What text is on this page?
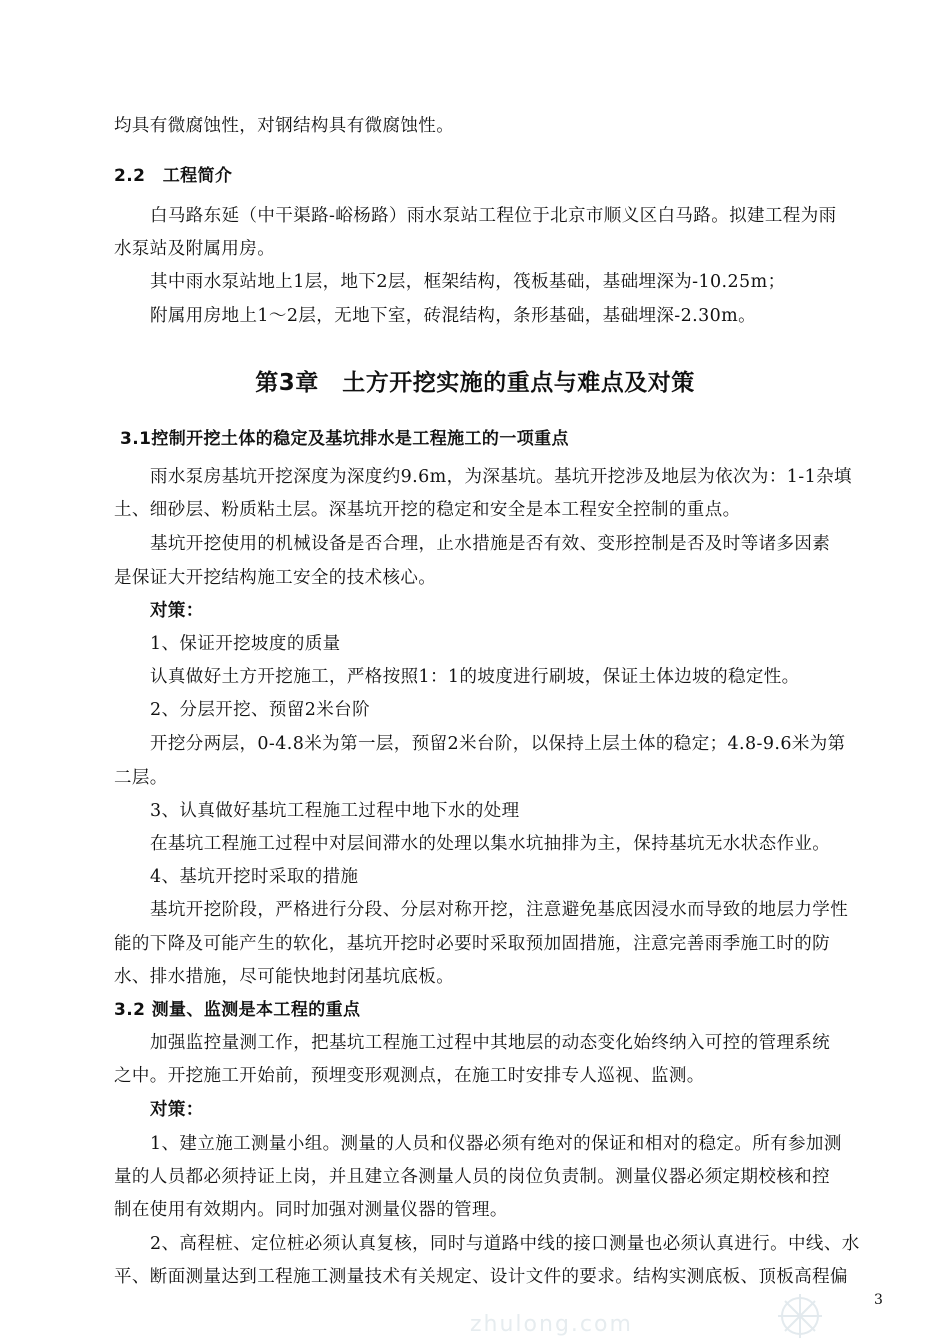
均具有微腐蚀性，对钢结构具有微腐蚀性。
2.2　工程简介
白马路东延（中干渠路-峪杨路）雨水泵站工程位于北京市顺义区白马路。拟建工程为雨
水泵站及附属用房。
其中雨水泵站地上1层，地下2层，框架结构，筏板基础，基础埋深为-10.25m；
附属用房地上1～2层，无地下室，砖混结构，条形基础，基础埋深-2.30m。
第3章　土方开挖实施的重点与难点及对策
3.1控制开挖土体的稳定及基坑排水是工程施工的一项重点
雨水泵房基坑开挖深度为深度约9.6m，为深基坑。基坑开挖涉及地层为依次为：1-1杂填
土、细砂层、粉质粘土层。深基坑开挖的稳定和安全是本工程安全控制的重点。
基坑开挖使用的机械设备是否合理，止水措施是否有效、变形控制是否及时等诸多因素
是保证大开挖结构施工安全的技术核心。
对策：
1、保证开挖坡度的质量
认真做好土方开挖施工，严格按照1：1的坡度进行刷坡，保证土体边坡的稳定性。
2、分层开挖、预留2米台阶
开挖分两层，0-4.8米为第一层，预留2米台阶，以保持上层土体的稳定；4.8-9.6米为第
二层。
3、认真做好基坑工程施工过程中地下水的处理
在基坑工程施工过程中对层间滞水的处理以集水坑抽排为主，保持基坑无水状态作业。
4、基坑开挖时采取的措施
基坑开挖阶段，严格进行分段、分层对称开挖，注意避免基底因浸水而导致的地层力学性
能的下降及可能产生的软化，基坑开挖时必要时采取预加固措施，注意完善雨季施工时的防
水、排水措施，尽可能快地封闭基坑底板。
3.2 测量、监测是本工程的重点
加强监控量测工作，把基坑工程施工过程中其地层的动态变化始终纳入可控的管理系统
之中。开挖施工开始前，预埋变形观测点，在施工时安排专人巡视、监测。
对策：
1、建立施工测量小组。测量的人员和仪器必须有绝对的保证和相对的稳定。所有参加测
量的人员都必须持证上岗，并且建立各测量人员的岗位负责制。测量仪器必须定期校核和控
制在使用有效期内。同时加强对测量仪器的管理。
2、高程桩、定位桩必须认真复核，同时与道路中线的接口测量也必须认真进行。中线、水
平、断面测量达到工程施工测量技术有关规定、设计文件的要求。结构实测底板、顶板高程偏
3
zhulong.com
